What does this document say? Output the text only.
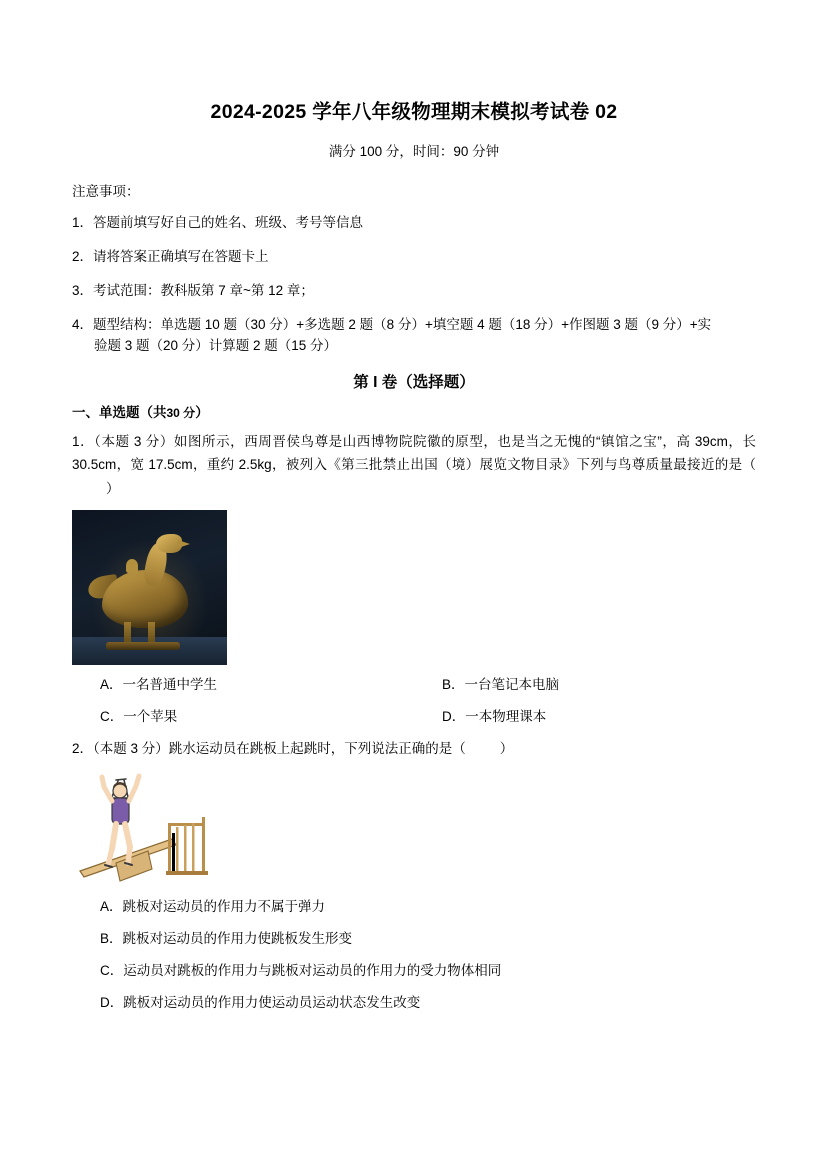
2024-2025 学年八年级物理期末模拟考试卷 02
满分 100 分，时间：90 分钟
注意事项：
1．答题前填写好自己的姓名、班级、考号等信息
2．请将答案正确填写在答题卡上
3．考试范围：教科版第 7 章~第 12 章；
4．题型结构：单选题 10 题（30 分）+多选题 2 题（8 分）+填空题 4 题（18 分）+作图题 3 题（9 分）+实
验题 3 题（20 分）计算题 2 题（15 分）
第 I 卷（选择题）
一、单选题（共30 分）
1．（本题 3 分）如图所示，西周晋侯鸟尊是山西博物院院徽的原型，也是当之无愧的“镇馆之宝”，高 39cm，长 30.5cm，宽 17.5cm，重约 2.5kg，被列入《第三批禁止出国（境）展览文物目录》下列与鸟尊质量最接近的是（）
A．一名普通中学生	B．一台笔记本电脑
C．一个苹果	D．一本物理课本
2．（本题 3 分）跳水运动员在跳板上起跳时，下列说法正确的是（	）
A．跳板对运动员的作用力不属于弹力
B．跳板对运动员的作用力使跳板发生形变
C．运动员对跳板的作用力与跳板对运动员的作用力的受力物体相同
D．跳板对运动员的作用力使运动员运动状态发生改变
